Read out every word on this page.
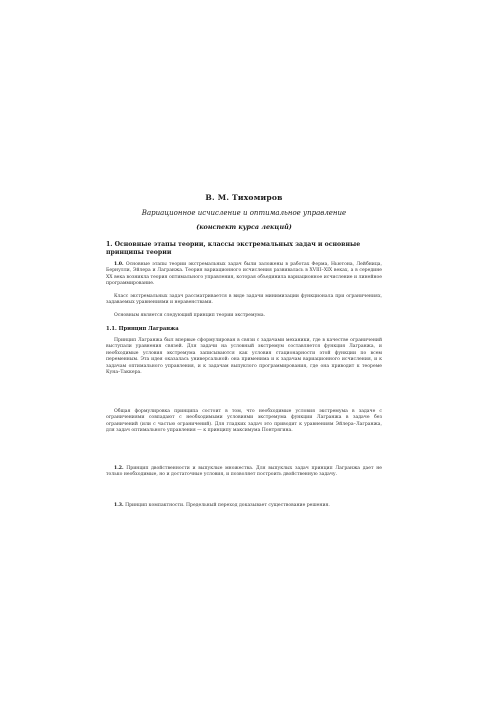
В. М. Тихомиров
Вариационное исчисление и оптимальное управление
(конспект курса лекций)
1. Основные этапы теории, классы экстремальных задач и основные принципы теории

1.0. Основные этапы теории экстремальных задач были заложены в работах Ферма, Ньютона, Лейбница, Бернулли, Эйлера и Лагранжа. Теория вариационного исчисления развивалась в XVIII–XIX веках, а в середине XX века возникла теория оптимального управления, которая объединила вариационное исчисление и линейное программирование.

Класс экстремальных задач рассматривается в виде задачи минимизации функционала при ограничениях, задаваемых уравнениями и неравенствами.

Основным является следующий принцип теории экстремума.

1.1. Принцип Лагранжа

Принцип Лагранжа был впервые сформулирован в связи с задачами механики, где в качестве ограничений выступали уравнения связей. Для задачи на условный экстремум составляется функция Лагранжа, и необходимые условия экстремума записываются как условия стационарности этой функции по всем переменным. Эта идея оказалась универсальной: она применима и к задачам вариационного исчисления, и к задачам оптимального управления, и к задачам выпуклого программирования, где она приводит к теореме Куна–Таккера.

Общая формулировка принципа состоит в том, что необходимые условия экстремума в задаче с ограничениями совпадают с необходимыми условиями экстремума функции Лагранжа в задаче без ограничений (или с частью ограничений). Для гладких задач это приводит к уравнениям Эйлера–Лагранжа, для задач оптимального управления — к принципу максимума Понтрягина.

1.2. Принцип двойственности и выпуклые множества. Для выпуклых задач принцип Лагранжа дает не только необходимые, но и достаточные условия, и позволяет построить двойственную задачу.

1.3. Принцип компактности. Предельный переход доказывает существование решения.
